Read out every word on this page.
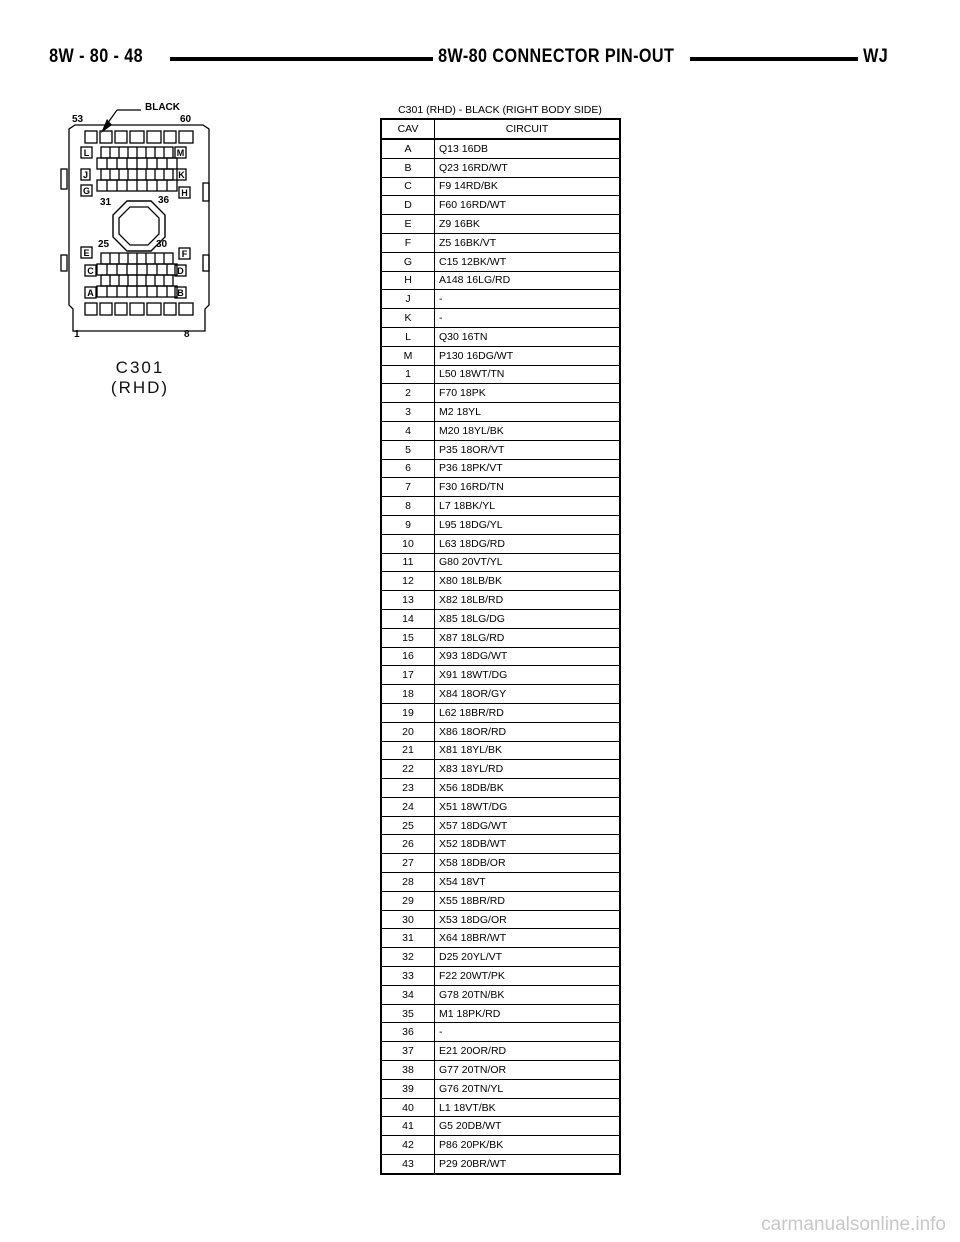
8W - 80 - 48	8W-80 CONNECTOR PIN-OUT	WJ
BLACK
53	60
31	36
25	30
1	8
L	M
J	K
G	H
E	F
C	D
A	B
C301
(RHD)
C301 (RHD) - BLACK (RIGHT BODY SIDE)
CAV	CIRCUIT
A	Q13 16DB
B	Q23 16RD/WT
C	F9 14RD/BK
D	F60 16RD/WT
E	Z9 16BK
F	Z5 16BK/VT
G	C15 12BK/WT
H	A148 16LG/RD
J	-
K	-
L	Q30 16TN
M	P130 16DG/WT
1	L50 18WT/TN
2	F70 18PK
3	M2 18YL
4	M20 18YL/BK
5	P35 18OR/VT
6	P36 18PK/VT
7	F30 16RD/TN
8	L7 18BK/YL
9	L95 18DG/YL
10	L63 18DG/RD
11	G80 20VT/YL
12	X80 18LB/BK
13	X82 18LB/RD
14	X85 18LG/DG
15	X87 18LG/RD
16	X93 18DG/WT
17	X91 18WT/DG
18	X84 18OR/GY
19	L62 18BR/RD
20	X86 18OR/RD
21	X81 18YL/BK
22	X83 18YL/RD
23	X56 18DB/BK
24	X51 18WT/DG
25	X57 18DG/WT
26	X52 18DB/WT
27	X58 18DB/OR
28	X54 18VT
29	X55 18BR/RD
30	X53 18DG/OR
31	X64 18BR/WT
32	D25 20YL/VT
33	F22 20WT/PK
34	G78 20TN/BK
35	M1 18PK/RD
36	-
37	E21 20OR/RD
38	G77 20TN/OR
39	G76 20TN/YL
40	L1 18VT/BK
41	G5 20DB/WT
42	P86 20PK/BK
43	P29 20BR/WT
carmanualsonline.info
